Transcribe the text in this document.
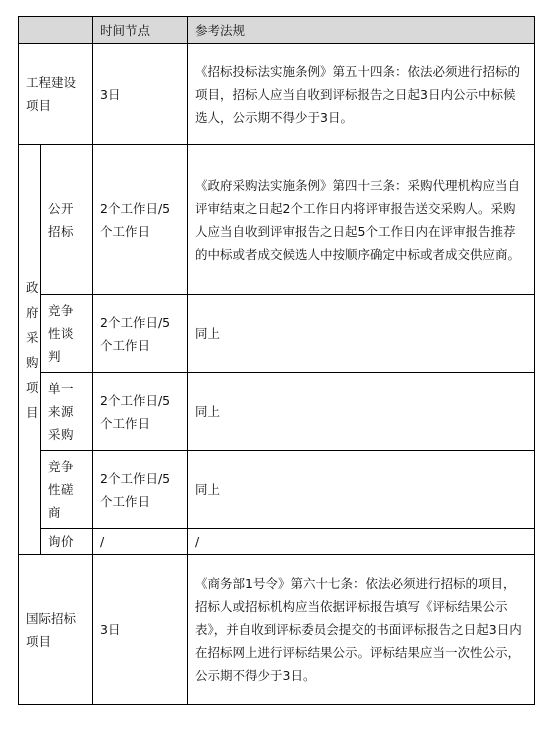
		时间节点	参考法规
工程建设项目		3日	《招标投标法实施条例》第五十四条：依法必须进行招标的项目，招标人应当自收到评标报告之日起3日内公示中标候选人，公示期不得少于3日。

政府采购项目	公开招标	2个工作日/5个工作日	《政府采购法实施条例》第四十三条：采购代理机构应当自评审结束之日起2个工作日内将评审报告送交采购人。采购人应当自收到评审报告之日起5个工作日内在评审报告推荐的中标或者成交候选人中按顺序确定中标或者成交供应商。
	竞争性谈判	2个工作日/5个工作日	同上
	单一来源采购	2个工作日/5个工作日	同上
	竞争性磋商	2个工作日/5个工作日	同上
	询价	/	/

国际招标项目		3日	《商务部1号令》第六十七条：依法必须进行招标的项目，招标人或招标机构应当依据评标报告填写《评标结果公示表》，并自收到评标委员会提交的书面评标报告之日起3日内在招标网上进行评标结果公示。评标结果应当一次性公示，公示期不得少于3日。
